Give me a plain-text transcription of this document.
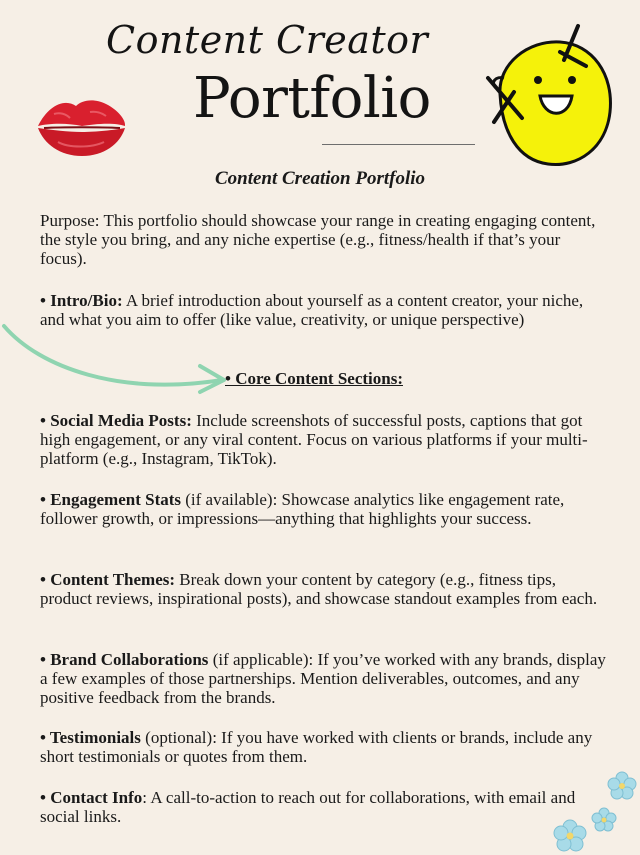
Content Creator
Portfolio
Content Creation Portfolio
Purpose: This portfolio should showcase your range in creating engaging content, the style you bring, and any niche expertise (e.g., fitness/health if that’s your focus).
• Intro/Bio: A brief introduction about yourself as a content creator, your niche, and what you aim to offer (like value, creativity, or unique perspective)
• Core Content Sections:
• Social Media Posts: Include screenshots of successful posts, captions that got high engagement, or any viral content. Focus on various platforms if your multi-platform (e.g., Instagram, TikTok).
• Engagement Stats (if available): Showcase analytics like engagement rate, follower growth, or impressions—anything that highlights your success.
• Content Themes: Break down your content by category (e.g., fitness tips, product reviews, inspirational posts), and showcase standout examples from each.
• Brand Collaborations (if applicable): If you’ve worked with any brands, display a few examples of those partnerships. Mention deliverables, outcomes, and any positive feedback from the brands.
• Testimonials (optional): If you have worked with clients or brands, include any short testimonials or quotes from them.
• Contact Info: A call-to-action to reach out for collaborations, with email and social links.
